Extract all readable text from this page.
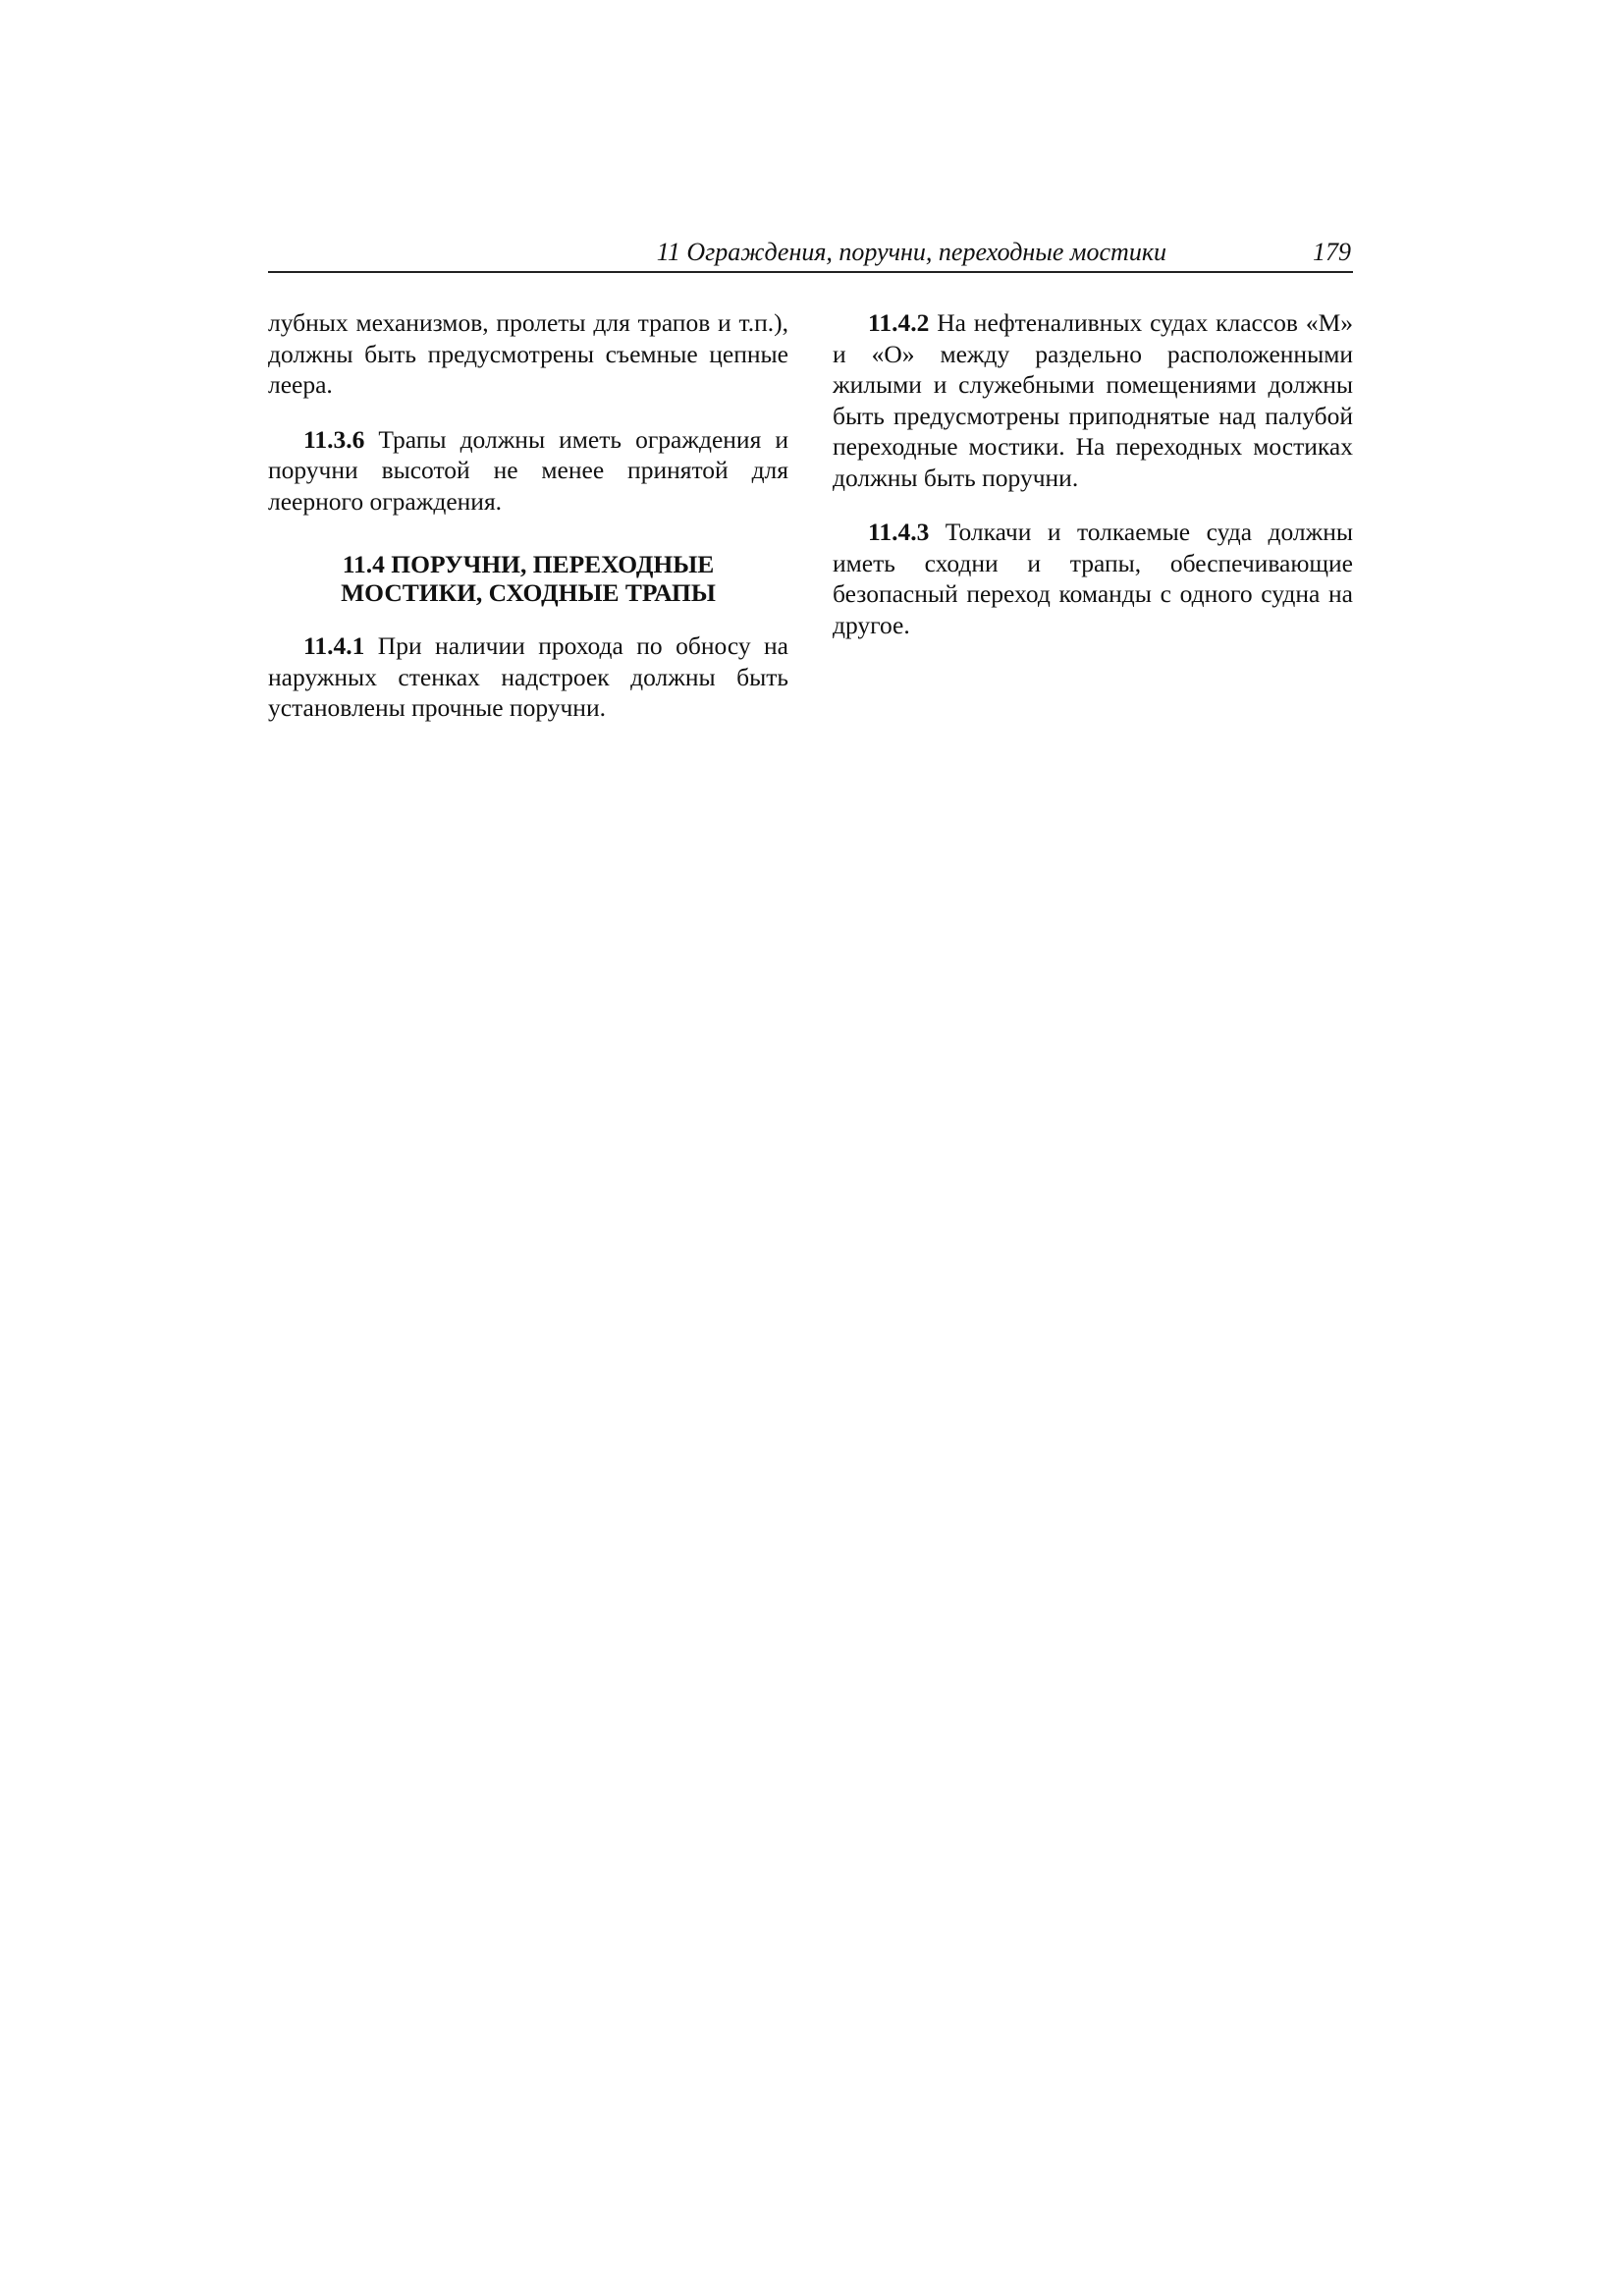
11 Ограждения, поручни, переходные мостики	179

лубных механизмов, пролеты для трапов и т.п.), должны быть предусмотрены съемные цепные леера.

11.3.6 Трапы должны иметь ограждения и поручни высотой не менее принятой для леерного ограждения.

11.4 ПОРУЧНИ, ПЕРЕХОДНЫЕ
МОСТИКИ, СХОДНЫЕ ТРАПЫ

11.4.1 При наличии прохода по обносу на наружных стенках надстроек должны быть установлены прочные поручни.

11.4.2 На нефтеналивных судах классов «М» и «О» между раздельно расположенными жилыми и служебными помещениями должны быть предусмотрены приподнятые над палубой переходные мостики. На переходных мостиках должны быть поручни.

11.4.3 Толкачи и толкаемые суда должны иметь сходни и трапы, обеспечивающие безопасный переход команды с одного судна на другое.
